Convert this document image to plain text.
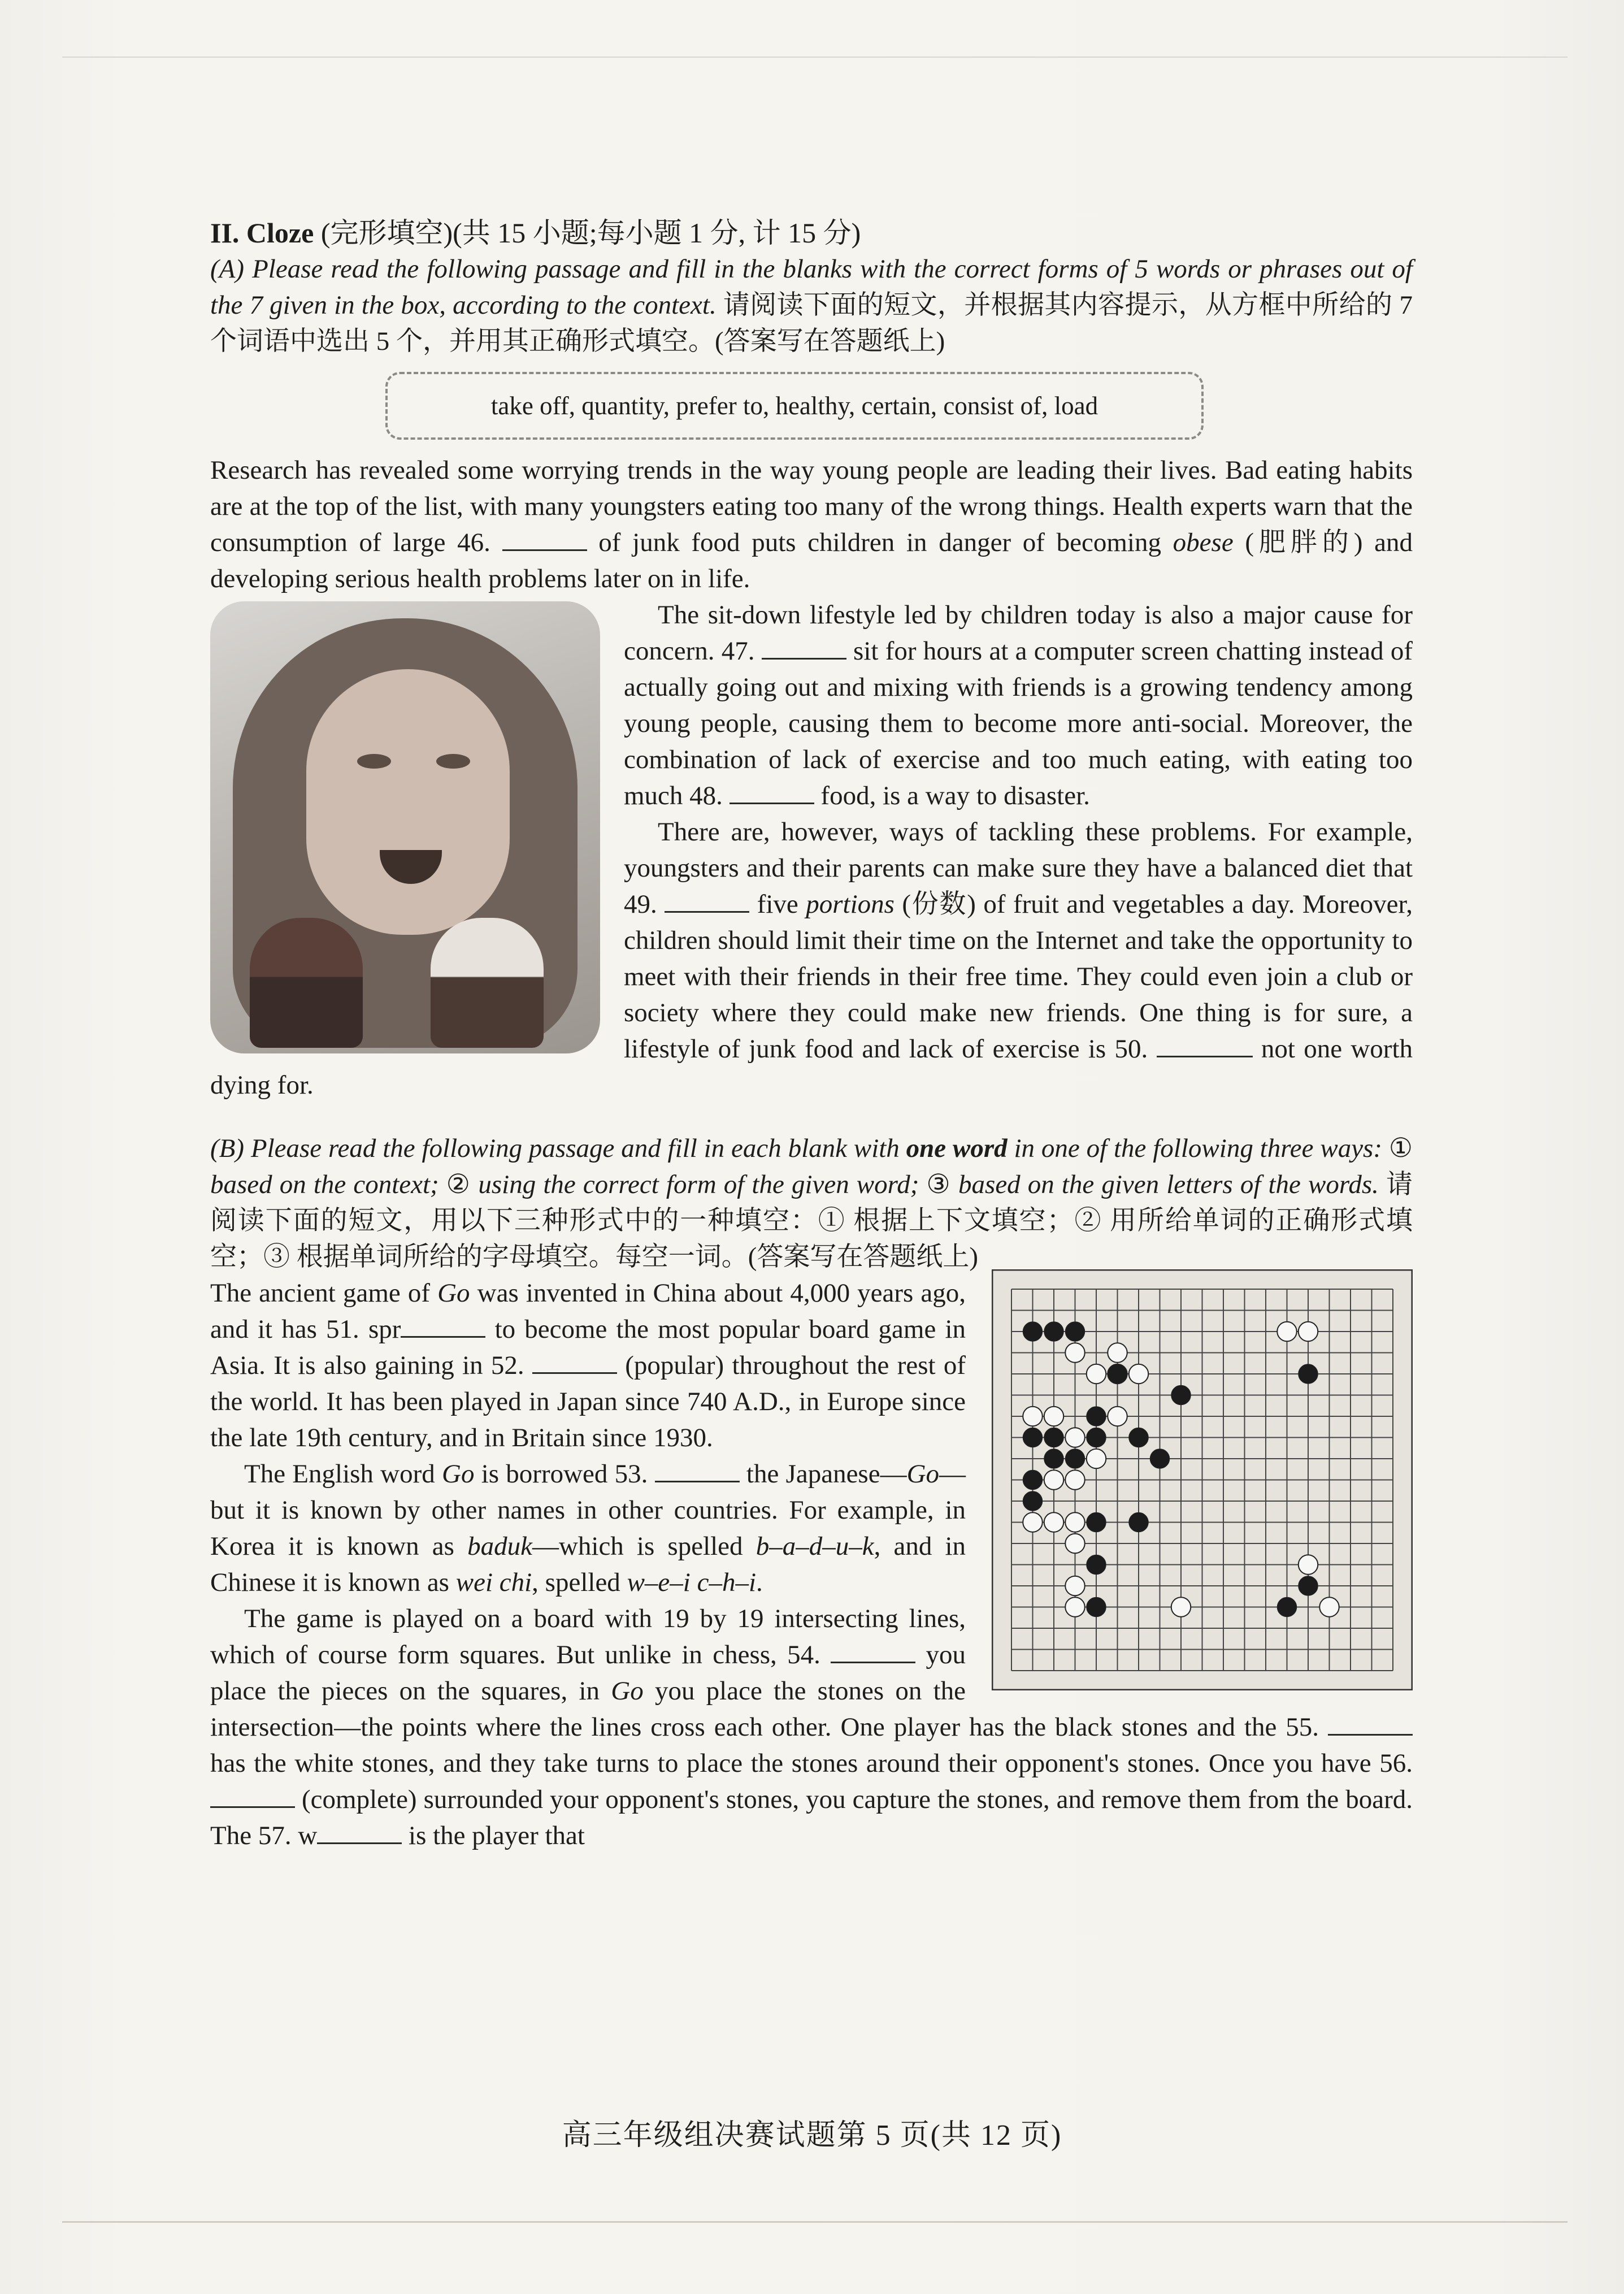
II. Cloze (完形填空)(共 15 小题;每小题 1 分, 计 15 分)

(A) Please read the following passage and fill in the blanks with the correct forms of 5 words or phrases out of the 7 given in the box, according to the context. 请阅读下面的短文，并根据其内容提示，从方框中所给的 7 个词语中选出 5 个，并用其正确形式填空。(答案写在答题纸上)

take off, quantity, prefer to, healthy, certain, consist of, load

Research has revealed some worrying trends in the way young people are leading their lives. Bad eating habits are at the top of the list, with many youngsters eating too many of the wrong things. Health experts warn that the consumption of large 46.	of junk food puts children in danger of becoming obese (肥胖的) and developing serious health problems later on in life.

The sit-down lifestyle led by children today is also a major cause for concern. 47.	sit for hours at a computer screen chatting instead of actually going out and mixing with friends is a growing tendency among young people, causing them to become more anti-social. Moreover, the combination of lack of exercise and too much eating, with eating too much 48.	food, is a way to disaster.

There are, however, ways of tackling these problems. For example, youngsters and their parents can make sure they have a balanced diet that 49.	five portions (份数) of fruit and vegetables a day. Moreover, children should limit their time on the Internet and take the opportunity to meet with their friends in their free time. They could even join a club or society where they could make new friends. One thing is for sure, a lifestyle of junk food and lack of exercise is 50.	not one worth dying for.

(B) Please read the following passage and fill in each blank with one word in one of the following three ways: ① based on the context; ② using the correct form of the given word; ③ based on the given letters of the words. 请阅读下面的短文，用以下三种形式中的一种填空：① 根据上下文填空；② 用所给单词的正确形式填空；③ 根据单词所给的字母填空。每空一词。(答案写在答题纸上)

The ancient game of Go was invented in China about 4,000 years ago, and it has 51. spr	to become the most popular board game in Asia. It is also gaining in 52.	(popular) throughout the rest of the world. It has been played in Japan since 740 A.D., in Europe since the late 19th century, and in Britain since 1930.

The English word Go is borrowed 53.	the Japanese—Go—but it is known by other names in other countries. For example, in Korea it is known as baduk—which is spelled b–a–d–u–k, and in Chinese it is known as wei chi, spelled w–e–i c–h–i.

The game is played on a board with 19 by 19 intersecting lines, which of course form squares. But unlike in chess, 54.	you place the pieces on the squares, in Go you place the stones on the intersection—the points where the lines cross each other. One player has the black stones and the 55.  has the white stones, and they take turns to place the stones around their opponent's stones. Once you have 56.  (complete) surrounded your opponent's stones, you capture the stones, and remove them from the board. The 57. w	is the player that

高三年级组决赛试题第 5 页(共 12 页)
